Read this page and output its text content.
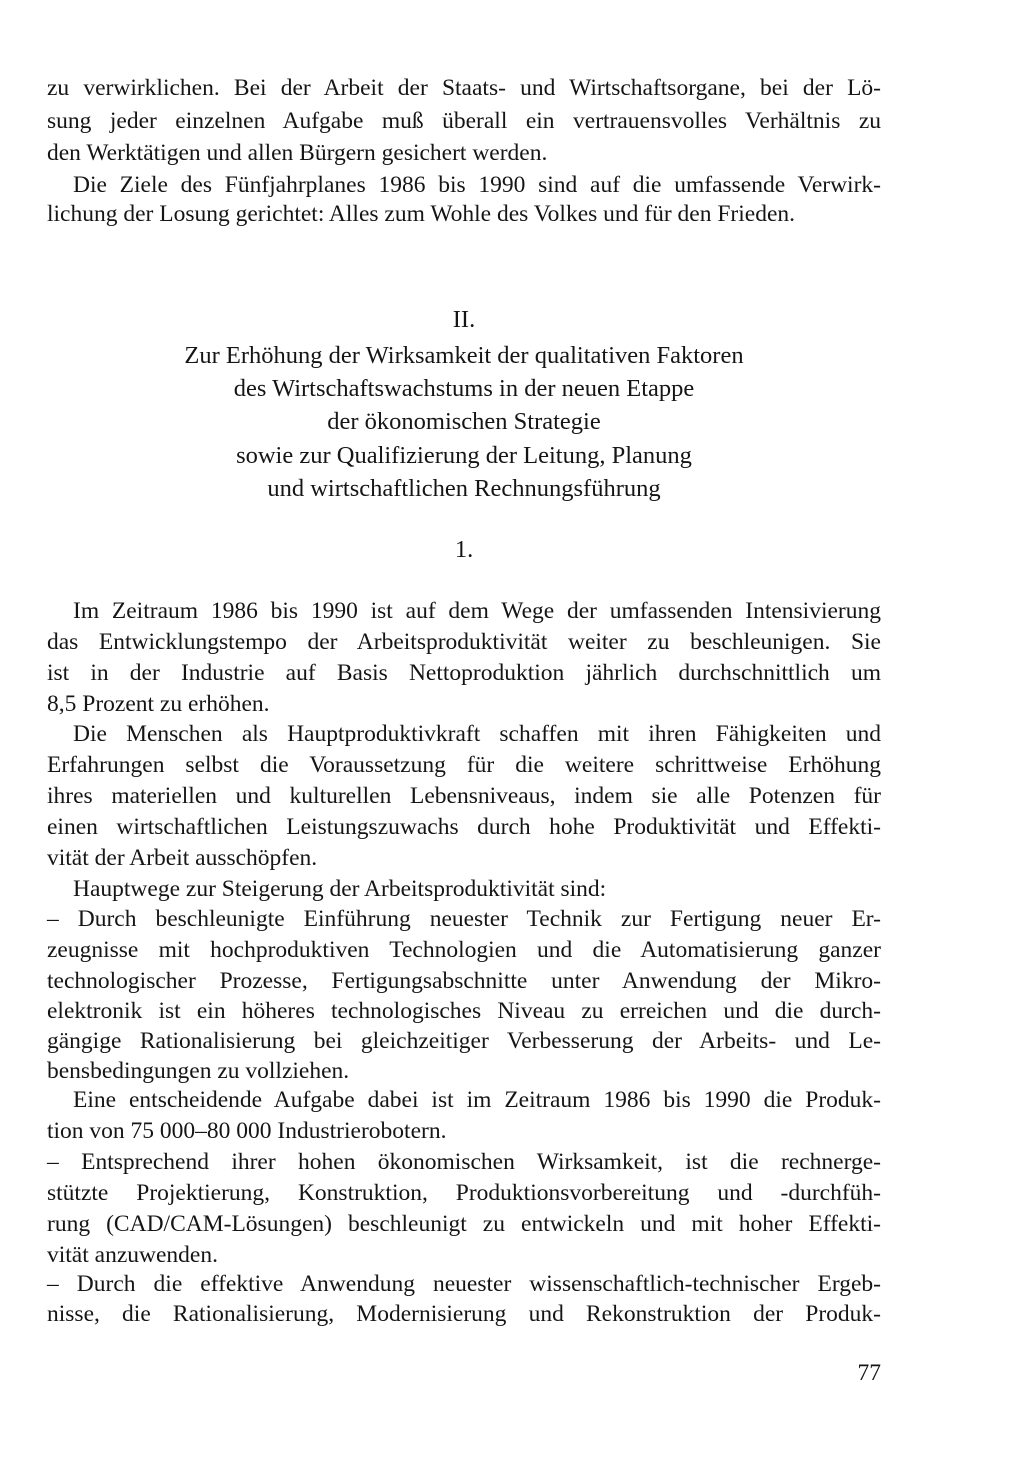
zu verwirklichen. Bei der Arbeit der Staats- und Wirtschaftsorgane, bei der Lö-
sung jeder einzelnen Aufgabe muß überall ein vertrauensvolles Verhältnis zu
den Werktätigen und allen Bürgern gesichert werden.
Die Ziele des Fünfjahrplanes 1986 bis 1990 sind auf die umfassende Verwirk-
lichung der Losung gerichtet: Alles zum Wohle des Volkes und für den Frieden.
II.
Zur Erhöhung der Wirksamkeit der qualitativen Faktoren
des Wirtschaftswachstums in der neuen Etappe
der ökonomischen Strategie
sowie zur Qualifizierung der Leitung, Planung
und wirtschaftlichen Rechnungsführung
1.
Im Zeitraum 1986 bis 1990 ist auf dem Wege der umfassenden Intensivierung
das Entwicklungstempo der Arbeitsproduktivität weiter zu beschleunigen. Sie
ist in der Industrie auf Basis Nettoproduktion jährlich durchschnittlich um
8,5 Prozent zu erhöhen.
Die Menschen als Hauptproduktivkraft schaffen mit ihren Fähigkeiten und
Erfahrungen selbst die Voraussetzung für die weitere schrittweise Erhöhung
ihres materiellen und kulturellen Lebensniveaus, indem sie alle Potenzen für
einen wirtschaftlichen Leistungszuwachs durch hohe Produktivität und Effekti-
vität der Arbeit ausschöpfen.
Hauptwege zur Steigerung der Arbeitsproduktivität sind:
– Durch beschleunigte Einführung neuester Technik zur Fertigung neuer Er-
zeugnisse mit hochproduktiven Technologien und die Automatisierung ganzer
technologischer Prozesse, Fertigungsabschnitte unter Anwendung der Mikro-
elektronik ist ein höheres technologisches Niveau zu erreichen und die durch-
gängige Rationalisierung bei gleichzeitiger Verbesserung der Arbeits- und Le-
bensbedingungen zu vollziehen.
Eine entscheidende Aufgabe dabei ist im Zeitraum 1986 bis 1990 die Produk-
tion von 75 000–80 000 Industrierobotern.
– Entsprechend ihrer hohen ökonomischen Wirksamkeit, ist die rechnerge-
stützte Projektierung, Konstruktion, Produktionsvorbereitung und -durchfüh-
rung (CAD/CAM-Lösungen) beschleunigt zu entwickeln und mit hoher Effekti-
vität anzuwenden.
– Durch die effektive Anwendung neuester wissenschaftlich-technischer Ergeb-
nisse, die Rationalisierung, Modernisierung und Rekonstruktion der Produk-
77
